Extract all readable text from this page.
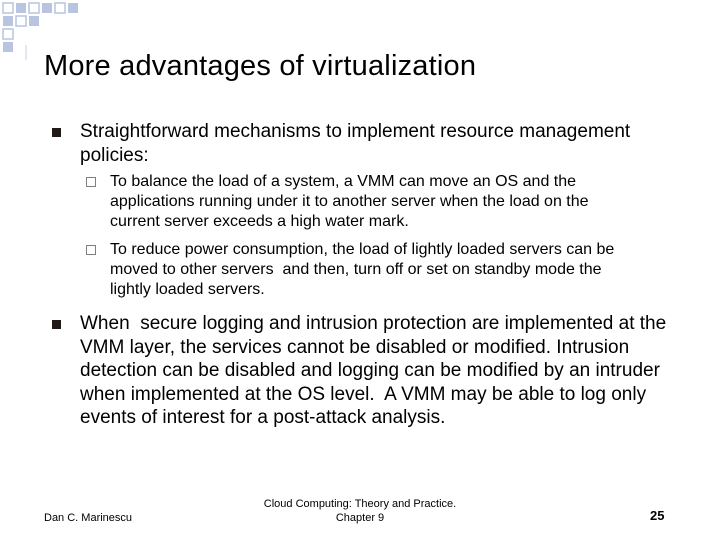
More advantages of virtualization

Straightforward mechanisms to implement resource management

policies:

To balance the load of a system, a VMM can move an OS and the

applications running under it to another server when the load on the

current server exceeds a high water mark.

To reduce power consumption, the load of lightly loaded servers can be

moved to other servers  and then, turn off or set on standby mode the

lightly loaded servers.

When  secure logging and intrusion protection are implemented at the

VMM layer, the services cannot be disabled or modified. Intrusion

detection can be disabled and logging can be modified by an intruder

when implemented at the OS level.  A VMM may be able to log only

events of interest for a post-attack analysis.

Dan C. Marinescu
Cloud Computing: Theory and Practice.
Chapter 9	25
